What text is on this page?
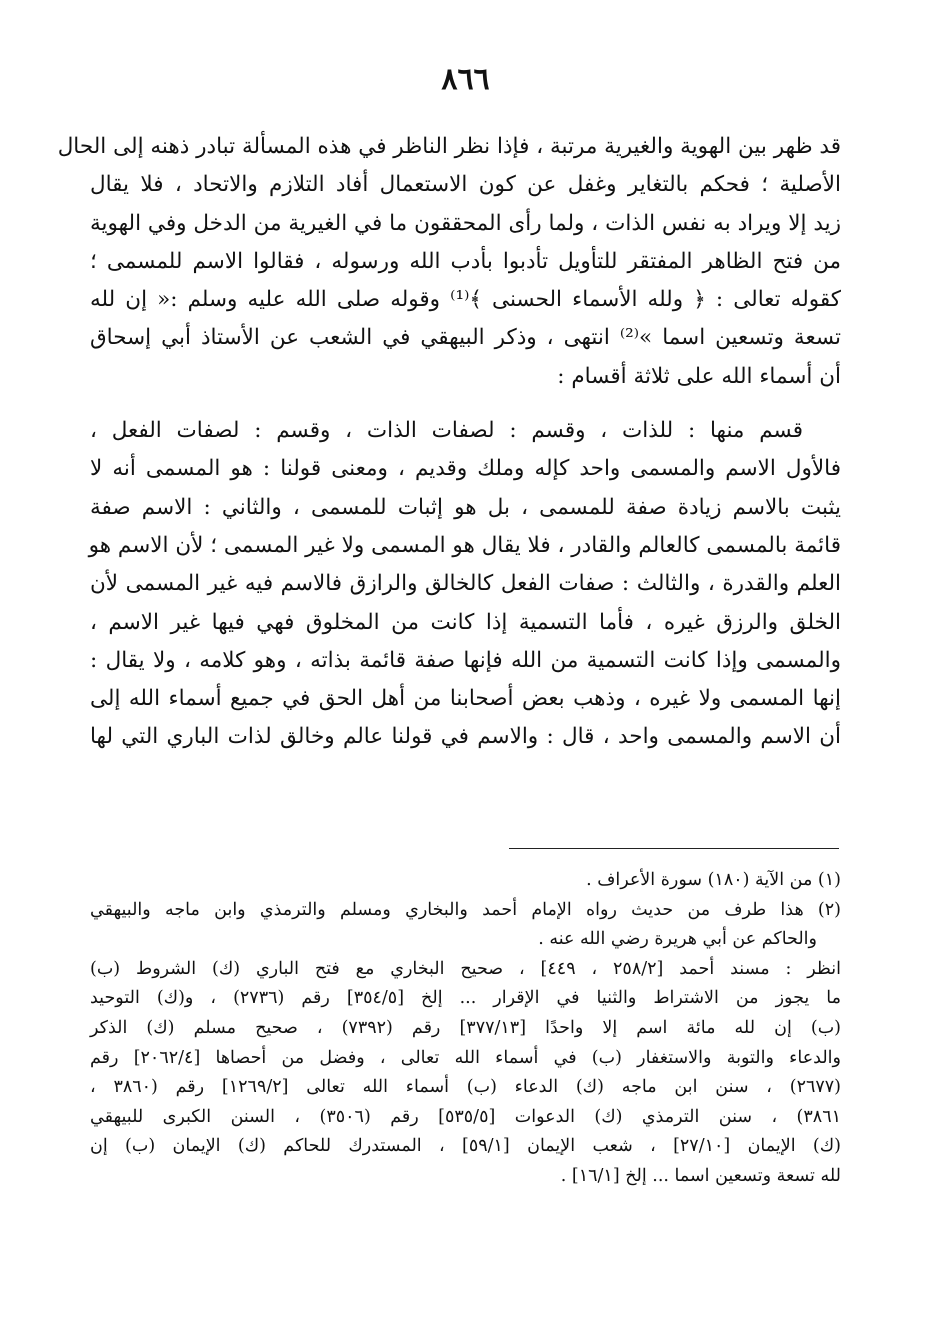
٨٦٦
قد ظهر بين الهوية والغيرية مرتبة ، فإذا نظر الناظر في هذه المسألة تبادر ذهنه إلى الحال
الأصلية ؛ فحكم بالتغاير وغفل عن كون الاستعمال أفاد التلازم والاتحاد ، فلا يقال
زيد إلا ويراد به نفس الذات ، ولما رأى المحققون ما في الغيرية من الدخل وفي الهوية
من فتح الظاهر المفتقر للتأويل تأدبوا بأدب الله ورسوله ، فقالوا الاسم للمسمى ؛
كقوله تعالى : ﴿ ولله الأسماء الحسنى ﴾⁽¹⁾ وقوله صلى الله عليه وسلم :« إن لله
تسعة وتسعين اسما »⁽²⁾ انتهى ، وذكر البيهقي في الشعب عن الأستاذ أبي إسحاق
أن أسماء الله على ثلاثة أقسام :
قسم منها : للذات ، وقسم : لصفات الذات ، وقسم : لصفات الفعل ،
فالأول الاسم والمسمى واحد كإله وملك وقديم ، ومعنى قولنا : هو المسمى أنه لا
يثبت بالاسم زيادة صفة للمسمى ، بل هو إثبات للمسمى ، والثاني : الاسم صفة
قائمة بالمسمى كالعالم والقادر ، فلا يقال هو المسمى ولا غير المسمى ؛ لأن الاسم هو
العلم والقدرة ، والثالث : صفات الفعل كالخالق والرازق فالاسم فيه غير المسمى لأن
الخلق والرزق غيره ، فأما التسمية إذا كانت من المخلوق فهي فيها غير الاسم ،
والمسمى وإذا كانت التسمية من الله فإنها صفة قائمة بذاته ، وهو كلامه ، ولا يقال :
إنها المسمى ولا غيره ، وذهب بعض أصحابنا من أهل الحق في جميع أسماء الله إلى
أن الاسم والمسمى واحد ، قال : والاسم في قولنا عالم وخالق لذات الباري التي لها
(١) من الآية (١٨٠) سورة الأعراف .
(٢) هذا طرف من حديث رواه الإمام أحمد والبخاري ومسلم والترمذي وابن ماجه والبيهقي
والحاكم عن أبي هريرة رضي الله عنه .
انظر : مسند أحمد [٢٥٨/٢ ، ٤٤٩] ، صحيح البخاري مع فتح الباري (ك) الشروط (ب)
ما يجوز من الاشتراط والثنيا في الإقرار ... إلخ [٣٥٤/٥] رقم (٢٧٣٦) ، و(ك) التوحيد
(ب) إن لله مائة اسم إلا واحدًا [٣٧٧/١٣] رقم (٧٣٩٢) ، صحيح مسلم (ك) الذكر
والدعاء والتوبة والاستغفار (ب) في أسماء الله تعالى ، وفضل من أحصاها [٢٠٦٢/٤] رقم
(٢٦٧٧) ، سنن ابن ماجه (ك) الدعاء (ب) أسماء الله تعالى [١٢٦٩/٢] رقم (٣٨٦٠ ،
٣٨٦١) ، سنن الترمذي (ك) الدعوات [٥٣٥/٥] رقم (٣٥٠٦) ، السنن الكبرى للبيهقي
(ك) الإيمان [٢٧/١٠] ، شعب الإيمان [٥٩/١] ، المستدرك للحاكم (ك) الإيمان (ب) إن
لله تسعة وتسعين اسما ... إلخ [١٦/١] .
